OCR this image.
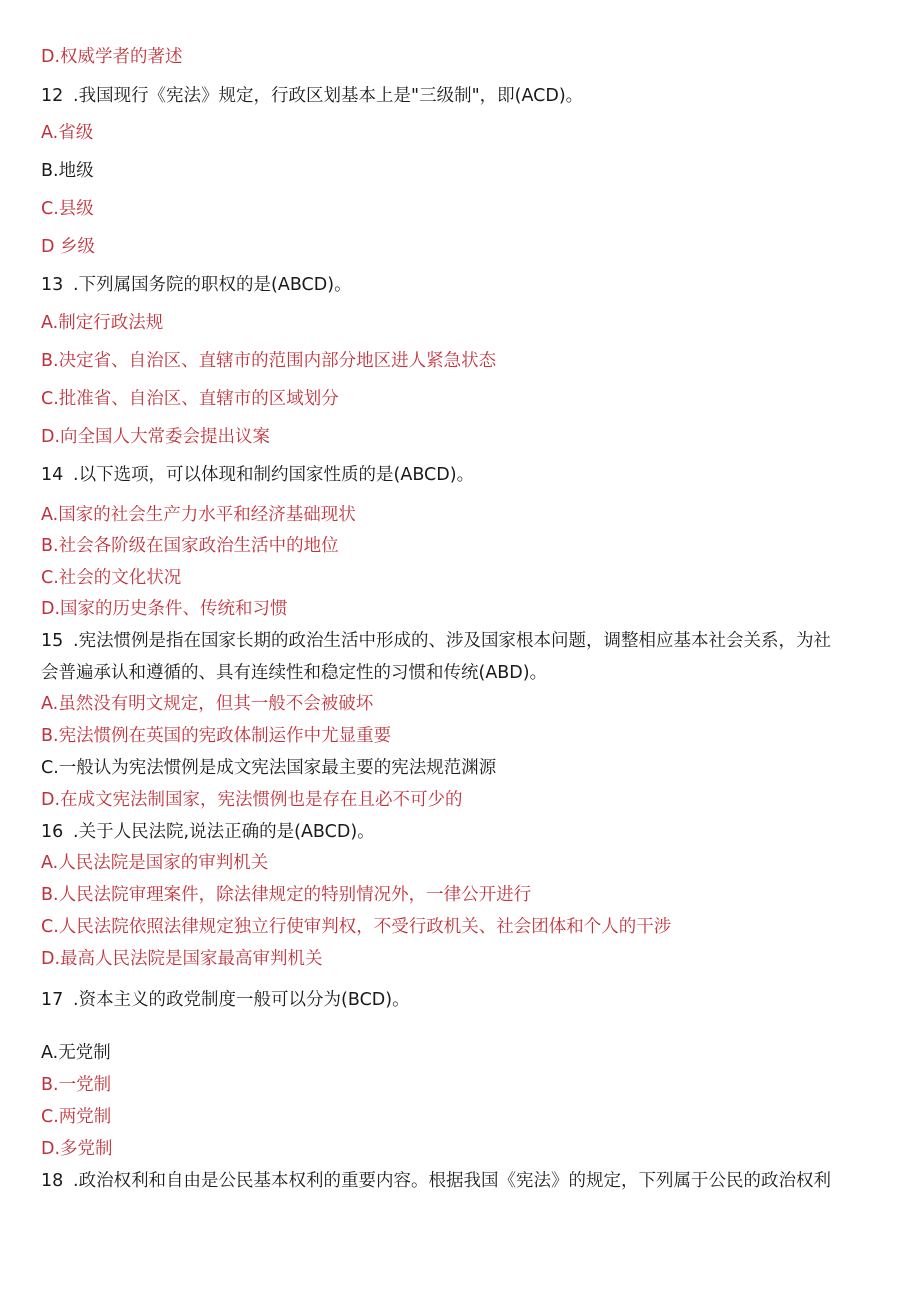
D.权威学者的著述
12 .我国现行《宪法》规定，行政区划基本上是"三级制"，即(ACD)。
A.省级
B.地级
C.县级
D 乡级
13 .下列属国务院的职权的是(ABCD)。
A.制定行政法规
B.决定省、自治区、直辖市的范围内部分地区进人紧急状态
C.批准省、自治区、直辖市的区域划分
D.向全国人大常委会提出议案
14 .以下选项，可以体现和制约国家性质的是(ABCD)。
A.国家的社会生产力水平和经济基础现状
B.社会各阶级在国家政治生活中的地位
C.社会的文化状况
D.国家的历史条件、传统和习惯
15 .宪法惯例是指在国家长期的政治生活中形成的、涉及国家根本问题，调整相应基本社会关系，为社
会普遍承认和遵循的、具有连续性和稳定性的习惯和传统(ABD)。
A.虽然没有明文规定，但其一般不会被破坏
B.宪法惯例在英国的宪政体制运作中尤显重要
C.一般认为宪法惯例是成文宪法国家最主要的宪法规范渊源
D.在成文宪法制国家，宪法惯例也是存在且必不可少的
16 .关于人民法院,说法正确的是(ABCD)。
A.人民法院是国家的审判机关
B.人民法院审理案件，除法律规定的特别情况外，一律公开进行
C.人民法院依照法律规定独立行使审判权，不受行政机关、社会团体和个人的干涉
D.最高人民法院是国家最高审判机关
17 .资本主义的政党制度一般可以分为(BCD)。
A.无党制
B.一党制
C.两党制
D.多党制
18 .政治权利和自由是公民基本权利的重要内容。根据我国《宪法》的规定，下列属于公民的政治权利
